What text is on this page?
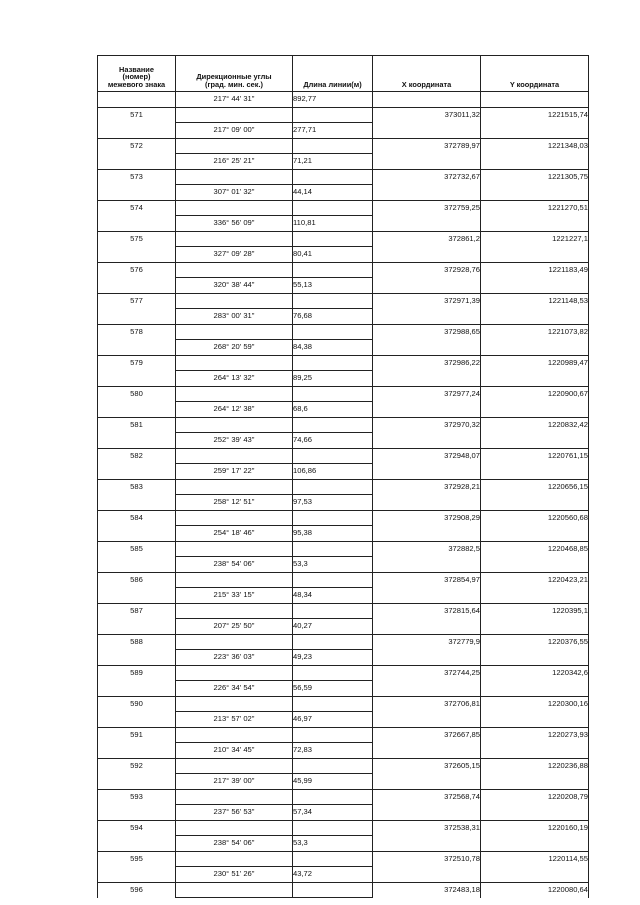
Название
(номер)
межевого знака	Дирекционные углы
(град. мин. сек.)	Длина линии(м)	X координата	Y координата
	217° 44' 31"	892,77		
571			373011,32	1221515,74
	217° 09' 00"	277,71		
572			372789,97	1221348,03
	216° 25' 21"	71,21		
573			372732,67	1221305,75
	307° 01' 32"	44,14		
574			372759,25	1221270,51
	336° 56' 09"	110,81		
575			372861,2	1221227,1
	327° 09' 28"	80,41		
576			372928,76	1221183,49
	320° 38' 44"	55,13		
577			372971,39	1221148,53
	283° 00' 31"	76,68		
578			372988,65	1221073,82
	268° 20' 59"	84,38		
579			372986,22	1220989,47
	264° 13' 32"	89,25		
580			372977,24	1220900,67
	264° 12' 38"	68,6		
581			372970,32	1220832,42
	252° 39' 43"	74,66		
582			372948,07	1220761,15
	259° 17' 22"	106,86		
583			372928,21	1220656,15
	258° 12' 51"	97,53		
584			372908,29	1220560,68
	254° 18' 46"	95,38		
585			372882,5	1220468,85
	238° 54' 06"	53,3		
586			372854,97	1220423,21
	215° 33' 15"	48,34		
587			372815,64	1220395,1
	207° 25' 50"	40,27		
588			372779,9	1220376,55
	223° 36' 03"	49,23		
589			372744,25	1220342,6
	226° 34' 54"	56,59		
590			372706,81	1220300,16
	213° 57' 02"	46,97		
591			372667,85	1220273,93
	210° 34' 45"	72,83		
592			372605,15	1220236,88
	217° 39' 00"	45,99		
593			372568,74	1220208,79
	237° 56' 53"	57,34		
594			372538,31	1220160,19
	238° 54' 06"	53,3		
595			372510,78	1220114,55
	230° 51' 26"	43,72		
596			372483,18	1220080,64
